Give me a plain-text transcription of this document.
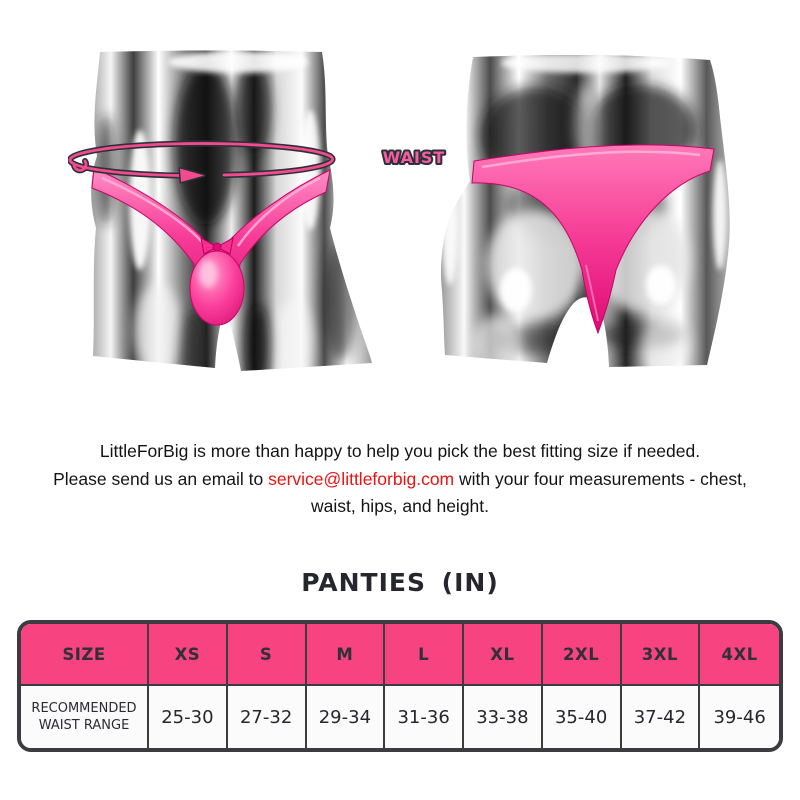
WAIST
LittleForBig is more than happy to help you pick the best fitting size if needed.
Please send us an email to service@littleforbig.com with your four measurements - chest,
waist, hips, and height.
PANTIES (IN)
SIZE	XS	S	M	L	XL	2XL	3XL	4XL
RECOMMENDED WAIST RANGE	25-30	27-32	29-34	31-36	33-38	35-40	37-42	39-46
